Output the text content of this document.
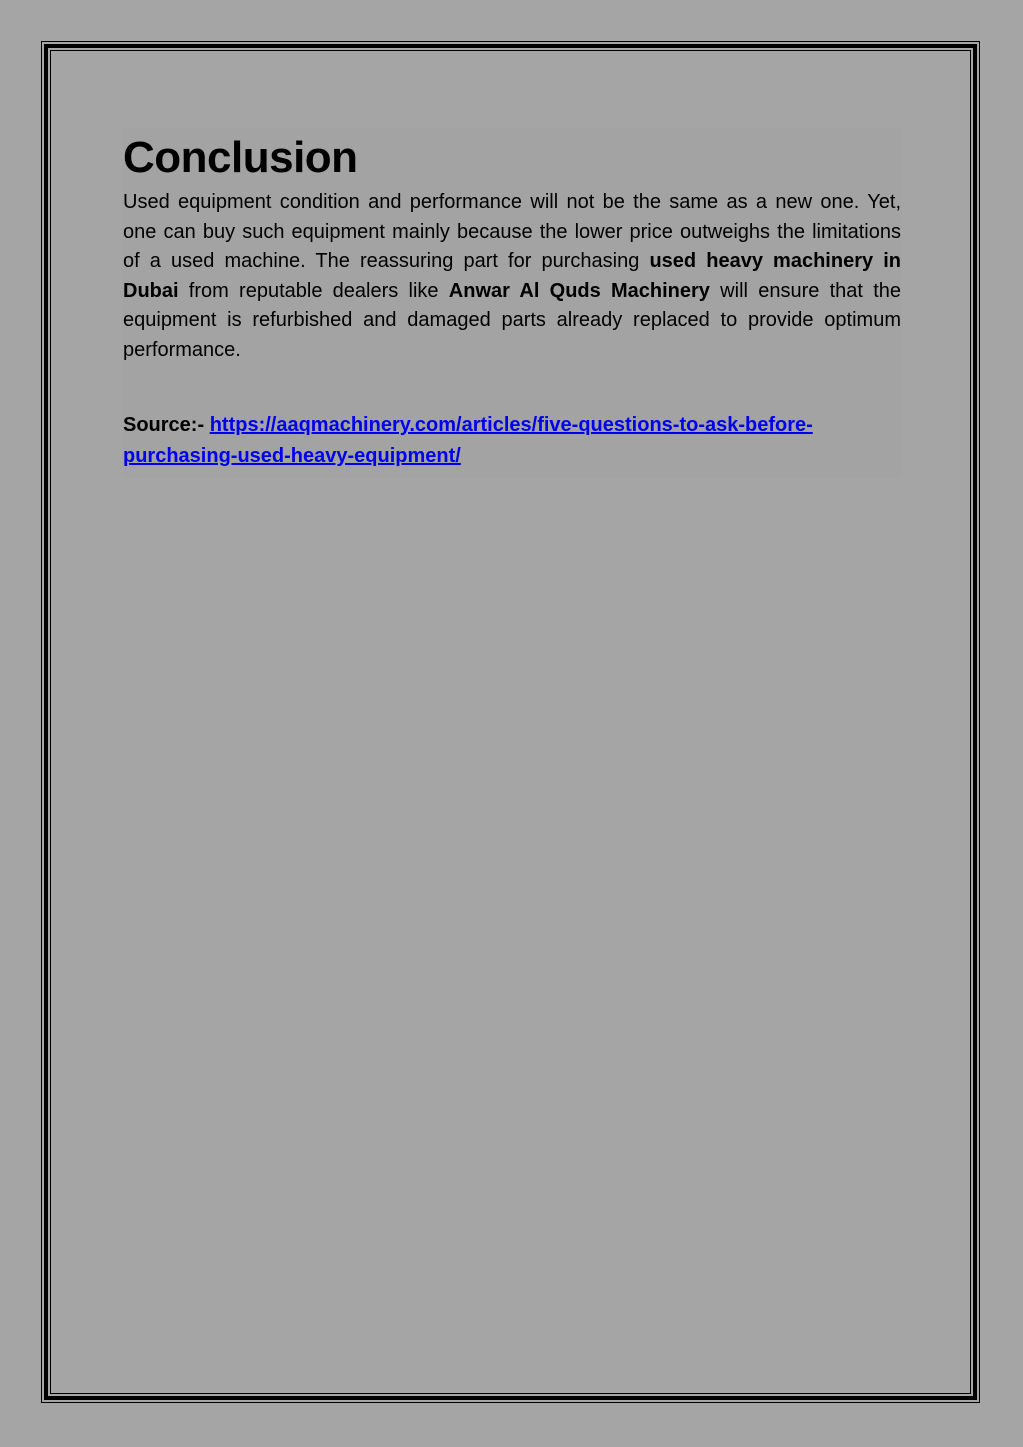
Conclusion

Used equipment condition and performance will not be the same as a new one. Yet, one can buy such equipment mainly because the lower price outweighs the limitations of a used machine. The reassuring part for purchasing used heavy machinery in Dubai from reputable dealers like Anwar Al Quds Machinery will ensure that the equipment is refurbished and damaged parts already replaced to provide optimum performance.

Source:- https://aaqmachinery.com/articles/five-questions-to-ask-before-purchasing-used-heavy-equipment/
